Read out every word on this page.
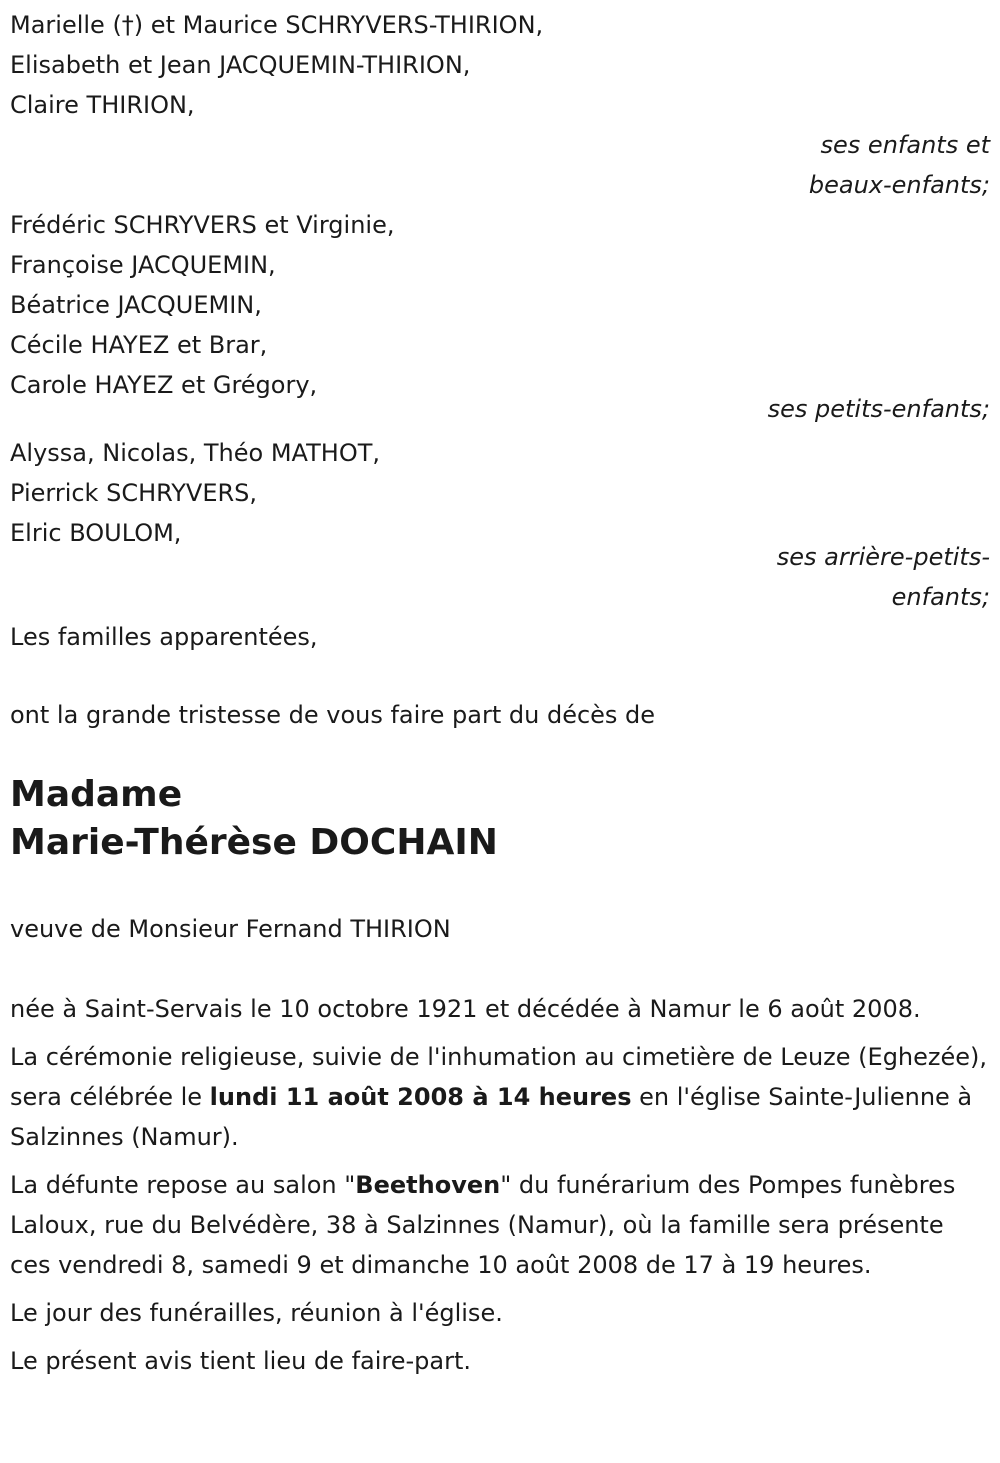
Marielle (†) et Maurice SCHRYVERS-THIRION,
Elisabeth et Jean JACQUEMIN-THIRION,
Claire THIRION,
ses enfants et
beaux-enfants;
Frédéric SCHRYVERS et Virginie,
Françoise JACQUEMIN,
Béatrice JACQUEMIN,
Cécile HAYEZ et Brar,
Carole HAYEZ et Grégory,
ses petits-enfants;
Alyssa, Nicolas, Théo MATHOT,
Pierrick SCHRYVERS,
Elric BOULOM,
ses arrière-petits-
enfants;
Les familles apparentées,
ont la grande tristesse de vous faire part du décès de
Madame
Marie-Thérèse DOCHAIN
veuve de Monsieur Fernand THIRION

née à Saint-Servais le 10 octobre 1921 et décédée à Namur le 6 août 2008.

La cérémonie religieuse, suivie de l'inhumation au cimetière de Leuze (Eghezée), sera célébrée le lundi 11 août 2008 à 14 heures en l'église Sainte-Julienne à Salzinnes (Namur).

La défunte repose au salon "Beethoven" du funérarium des Pompes funèbres Laloux, rue du Belvédère, 38 à Salzinnes (Namur), où la famille sera présente ces vendredi 8, samedi 9 et dimanche 10 août 2008 de 17 à 19 heures.

Le jour des funérailles, réunion à l'église.

Le présent avis tient lieu de faire-part.
